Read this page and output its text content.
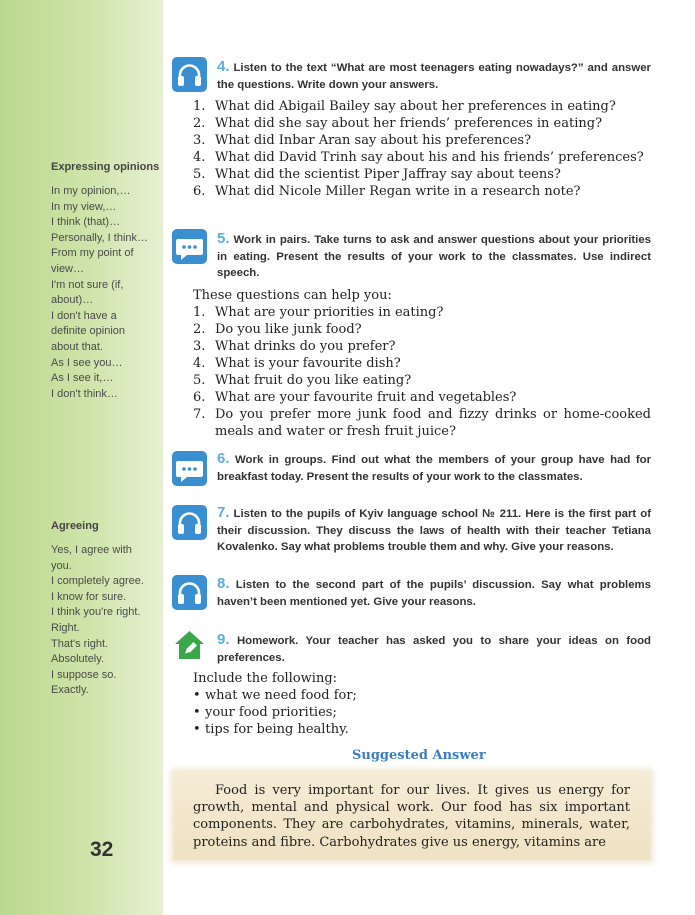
Expressing opinions
In my opinion,…
In my view,…
I think (that)…
Personally, I think…
From my point of
view…
I'm not sure (if,
about)…
I don't have a
definite opinion
about that.
As I see you…
As I see it,…
I don't think…
Agreeing
Yes, I agree with
you.
I completely agree.
I know for sure.
I think you're right.
Right.
That's right.
Absolutely.
I suppose so.
Exactly.
32
4. Listen to the text “What are most teenagers eating nowadays?” and answer the questions. Write down your answers.
1. What did Abigail Bailey say about her preferences in eating?
2. What did she say about her friends’ preferences in eating?
3. What did Inbar Aran say about his preferences?
4. What did David Trinh say about his and his friends’ preferences?
5. What did the scientist Piper Jaffray say about teens?
6. What did Nicole Miller Regan write in a research note?
5. Work in pairs. Take turns to ask and answer questions about your priorities in eating. Present the results of your work to the classmates. Use indirect speech.
These questions can help you:
1. What are your priorities in eating?
2. Do you like junk food?
3. What drinks do you prefer?
4. What is your favourite dish?
5. What fruit do you like eating?
6. What are your favourite fruit and vegetables?
7. Do you prefer more junk food and fizzy drinks or home-cooked meals and water or fresh fruit juice?
6. Work in groups. Find out what the members of your group have had for breakfast today. Present the results of your work to the classmates.
7. Listen to the pupils of Kyiv language school № 211. Here is the first part of their discussion. They discuss the laws of health with their teacher Tetiana Kovalenko. Say what problems trouble them and why. Give your reasons.
8. Listen to the second part of the pupils’ discussion. Say what problems haven’t been mentioned yet. Give your reasons.
9. Homework. Your teacher has asked you to share your ideas on food preferences.
Include the following:
• what we need food for;
• your food priorities;
• tips for being healthy.
Suggested Answer
Food is very important for our lives. It gives us energy for growth, mental and physical work. Our food has six important components. They are carbohydrates, vitamins, minerals, water, proteins and fibre. Carbohydrates give us energy, vitamins are
